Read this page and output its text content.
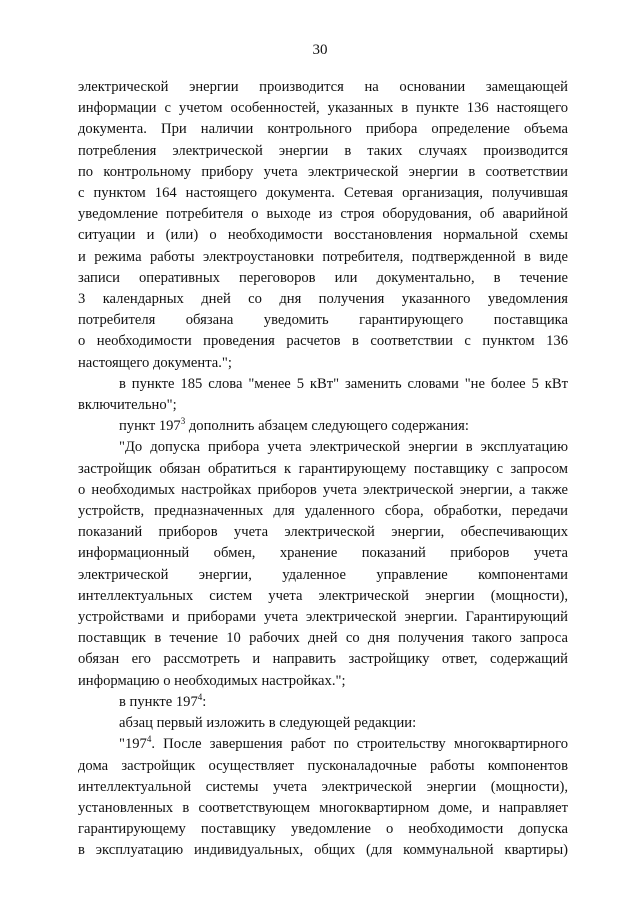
30
электрической энергии производится на основании замещающей
информации с учетом особенностей, указанных в пункте 136 настоящего
документа. При наличии контрольного прибора определение объема
потребления электрической энергии в таких случаях производится
по контрольному прибору учета электрической энергии в соответствии
с пунктом 164 настоящего документа. Сетевая организация, получившая
уведомление потребителя о выходе из строя оборудования, об аварийной
ситуации и (или) о необходимости восстановления нормальной схемы
и режима работы электроустановки потребителя, подтвержденной в виде
записи оперативных переговоров или документально, в течение
3 календарных дней со дня получения указанного уведомления
потребителя обязана уведомить гарантирующего поставщика
о необходимости проведения расчетов в соответствии с пунктом 136
настоящего документа.";
в пункте 185 слова "менее 5 кВт" заменить словами "не более 5 кВт
включительно";
пункт $197^3$ дополнить абзацем следующего содержания:
"До допуска прибора учета электрической энергии в эксплуатацию
застройщик обязан обратиться к гарантирующему поставщику с запросом
о необходимых настройках приборов учета электрической энергии, а также
устройств, предназначенных для удаленного сбора, обработки, передачи
показаний приборов учета электрической энергии, обеспечивающих
информационный обмен, хранение показаний приборов учета
электрической энергии, удаленное управление компонентами
интеллектуальных систем учета электрической энергии (мощности),
устройствами и приборами учета электрической энергии. Гарантирующий
поставщик в течение 10 рабочих дней со дня получения такого запроса
обязан его рассмотреть и направить застройщику ответ, содержащий
информацию о необходимых настройках.";
в пункте $197^4$:
абзац первый изложить в следующей редакции:
"$197^4$. После завершения работ по строительству многоквартирного
дома застройщик осуществляет пусконаладочные работы компонентов
интеллектуальной системы учета электрической энергии (мощности),
установленных в соответствующем многоквартирном доме, и направляет
гарантирующему поставщику уведомление о необходимости допуска
в эксплуатацию индивидуальных, общих (для коммунальной квартиры)
